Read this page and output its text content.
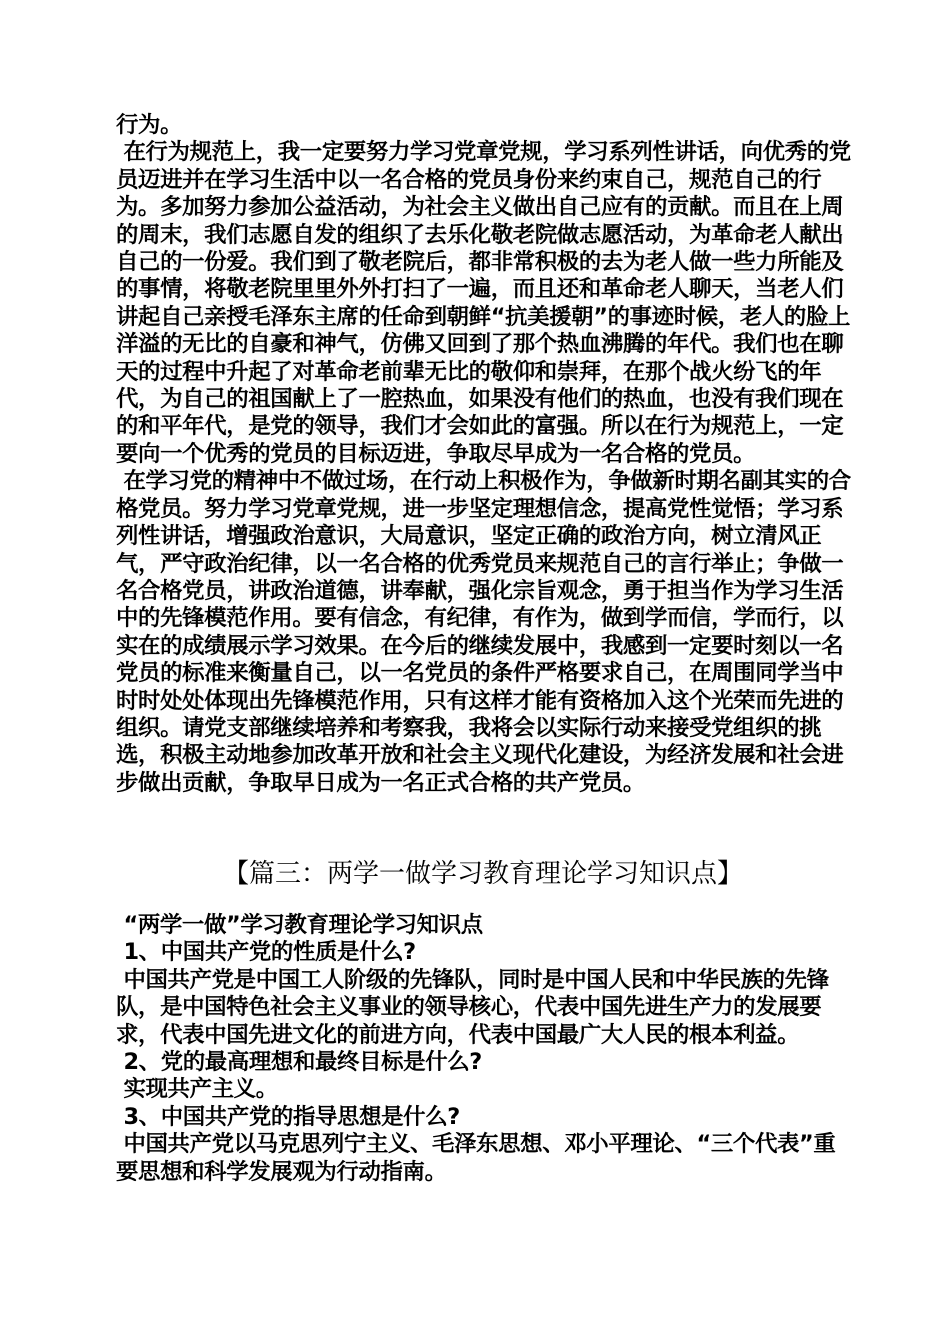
行为。

在行为规范上，我一定要努力学习党章党规，学习系列性讲话，向优秀的党员迈进并在学习生活中以一名合格的党员身份来约束自己，规范自己的行为。多加努力参加公益活动，为社会主义做出自己应有的贡献。而且在上周的周末，我们志愿自发的组织了去乐化敬老院做志愿活动，为革命老人献出自己的一份爱。我们到了敬老院后，都非常积极的去为老人做一些力所能及的事情，将敬老院里里外外打扫了一遍，而且还和革命老人聊天，当老人们讲起自己亲授毛泽东主席的任命到朝鲜“抗美援朝”的事迹时候，老人的脸上洋溢的无比的自豪和神气，仿佛又回到了那个热血沸腾的年代。我们也在聊天的过程中升起了对革命老前辈无比的敬仰和崇拜，在那个战火纷飞的年代，为自己的祖国献上了一腔热血，如果没有他们的热血，也没有我们现在的和平年代，是党的领导，我们才会如此的富强。所以在行为规范上，一定要向一个优秀的党员的目标迈进，争取尽早成为一名合格的党员。

在学习党的精神中不做过场，在行动上积极作为，争做新时期名副其实的合格党员。努力学习党章党规，进一步坚定理想信念，提高党性觉悟；学习系列性讲话，增强政治意识，大局意识，坚定正确的政治方向，树立清风正气，严守政治纪律，以一名合格的优秀党员来规范自己的言行举止；争做一名合格党员，讲政治道德，讲奉献，强化宗旨观念，勇于担当作为学习生活中的先锋模范作用。要有信念，有纪律，有作为，做到学而信，学而行，以实在的成绩展示学习效果。在今后的继续发展中，我感到一定要时刻以一名党员的标准来衡量自己，以一名党员的条件严格要求自己，在周围同学当中时时处处体现出先锋模范作用，只有这样才能有资格加入这个光荣而先进的组织。请党支部继续培养和考察我，我将会以实际行动来接受党组织的挑选，积极主动地参加改革开放和社会主义现代化建设，为经济发展和社会进步做出贡献，争取早日成为一名正式合格的共产党员。

【篇三：两学一做学习教育理论学习知识点】

“两学一做”学习教育理论学习知识点

1、中国共产党的性质是什么?

中国共产党是中国工人阶级的先锋队，同时是中国人民和中华民族的先锋队，是中国特色社会主义事业的领导核心，代表中国先进生产力的发展要求，代表中国先进文化的前进方向，代表中国最广大人民的根本利益。

2、党的最高理想和最终目标是什么?

实现共产主义。

3、中国共产党的指导思想是什么?

中国共产党以马克思列宁主义、毛泽东思想、邓小平理论、“三个代表”重要思想和科学发展观为行动指南。
